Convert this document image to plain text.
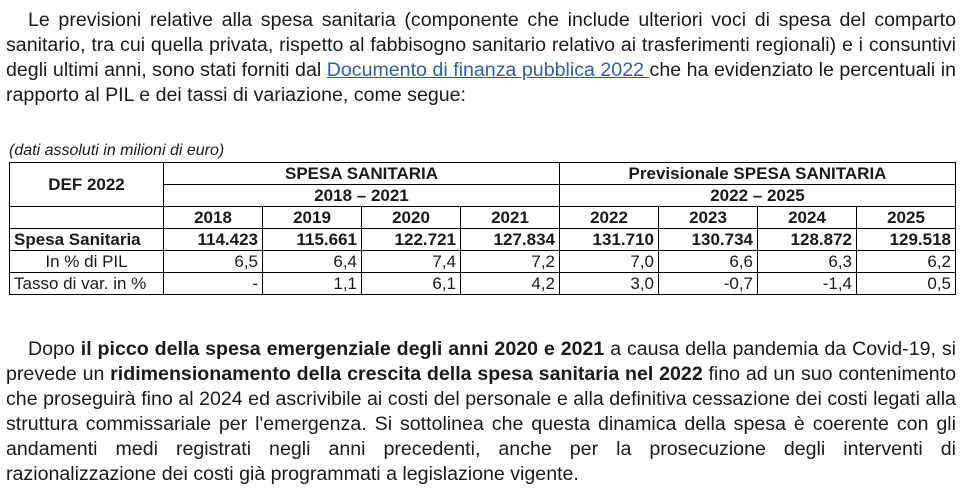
Le previsioni relative alla spesa sanitaria (componente che include ulteriori voci di spesa del comparto sanitario, tra cui quella privata, rispetto al fabbisogno sanitario relativo ai trasferimenti regionali) e i consuntivi degli ultimi anni, sono stati forniti dal Documento di finanza pubblica 2022 che ha evidenziato le percentuali in rapporto al PIL e dei tassi di variazione, come segue:

(dati assoluti in milioni di euro)
DEF 2022	SPESA SANITARIA				Previsionale SPESA SANITARIA			
	2018 – 2021				2022 – 2025			
	2018	2019	2020	2021	2022	2023	2024	2025
Spesa Sanitaria	114.423	115.661	122.721	127.834	131.710	130.734	128.872	129.518
In % di PIL	6,5	6,4	7,4	7,2	7,0	6,6	6,3	6,2
Tasso di var. in %	-	1,1	6,1	4,2	3,0	-0,7	-1,4	0,5

Dopo il picco della spesa emergenziale degli anni 2020 e 2021 a causa della pandemia da Covid-19, si prevede un ridimensionamento della crescita della spesa sanitaria nel 2022 fino ad un suo contenimento che proseguirà fino al 2024 ed ascrivibile ai costi del personale e alla definitiva cessazione dei costi legati alla struttura commissariale per l'emergenza. Si sottolinea che questa dinamica della spesa è coerente con gli andamenti medi registrati negli anni precedenti, anche per la prosecuzione degli interventi di razionalizzazione dei costi già programmati a legislazione vigente.
